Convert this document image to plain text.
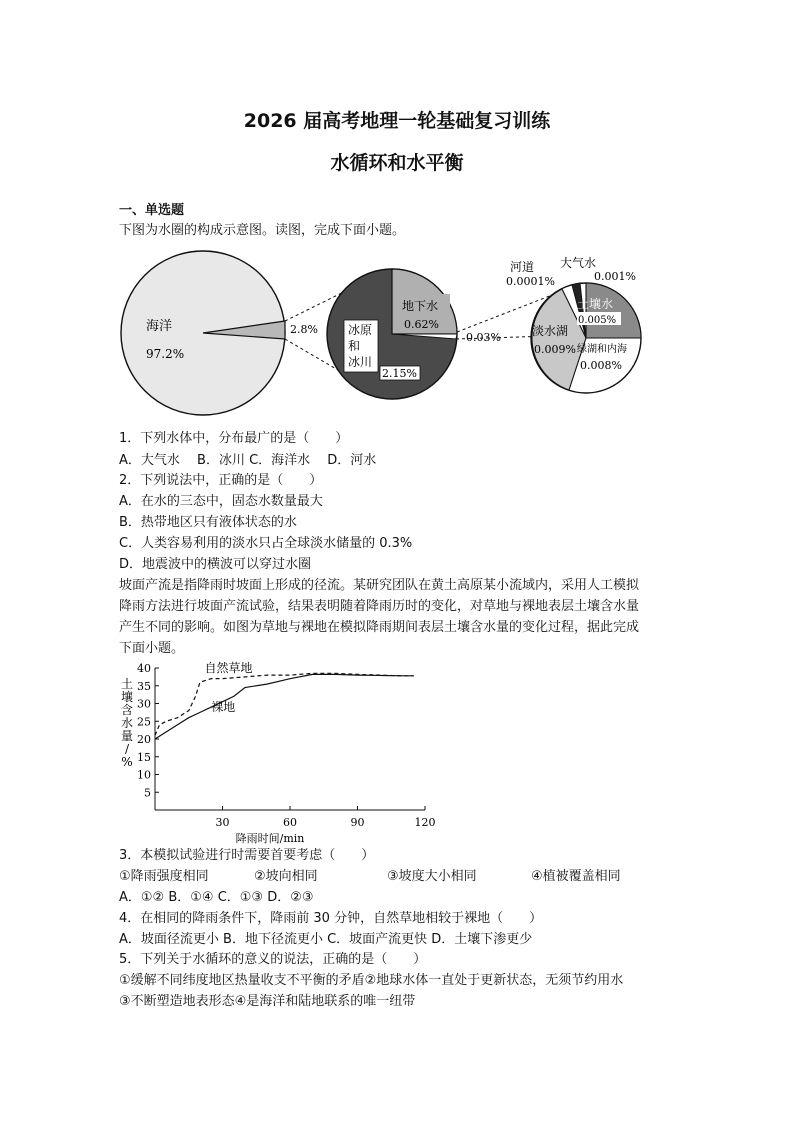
2026 届高考地理一轮基础复习训练
水循环和水平衡
一、单选题
下图为水圈的构成示意图。读图，完成下面小题。
海洋
97.2%
2.8%
地下水
0.62%
冰原
和
冰川
2.15%
0.03%
土壤水
0.005%
淡水湖
0.009% 绿湖和内海
0.008%
河道
0.0001%
大气水
0.001%
1．下列水体中，分布最广的是（　　）
A．大气水　 B．冰川 C．海洋水　 D．河水
2．下列说法中，正确的是（　　）
A．在水的三态中，固态水数量最大
B．热带地区只有液体状态的水
C．人类容易利用的淡水只占全球淡水储量的 0.3%
D．地震波中的横波可以穿过水圈
坡面产流是指降雨时坡面上形成的径流。某研究团队在黄土高原某小流域内，采用人工模拟
降雨方法进行坡面产流试验，结果表明随着降雨历时的变化，对草地与裸地表层土壤含水量
产生不同的影响。如图为草地与裸地在模拟降雨期间表层土壤含水量的变化过程，据此完成
下面小题。
5
10
15
20
25
30
35
40
30	60	90	120
降雨时间/min
土
壤
含
水
量
/
%
自然草地
裸地
3．本模拟试验进行时需要首要考虑（　　）
①降雨强度相同	②坡向相同	③坡度大小相同	④植被覆盖相同
A．①② B．①④ C．①③ D．②③
4．在相同的降雨条件下，降雨前 30 分钟，自然草地相较于裸地（　　）
A．坡面径流更小 B．地下径流更小 C．坡面产流更快 D．土壤下渗更少
5．下列关于水循环的意义的说法，正确的是（　　）
①缓解不同纬度地区热量收支不平衡的矛盾②地球水体一直处于更新状态，无须节约用水
③不断塑造地表形态④是海洋和陆地联系的唯一纽带
